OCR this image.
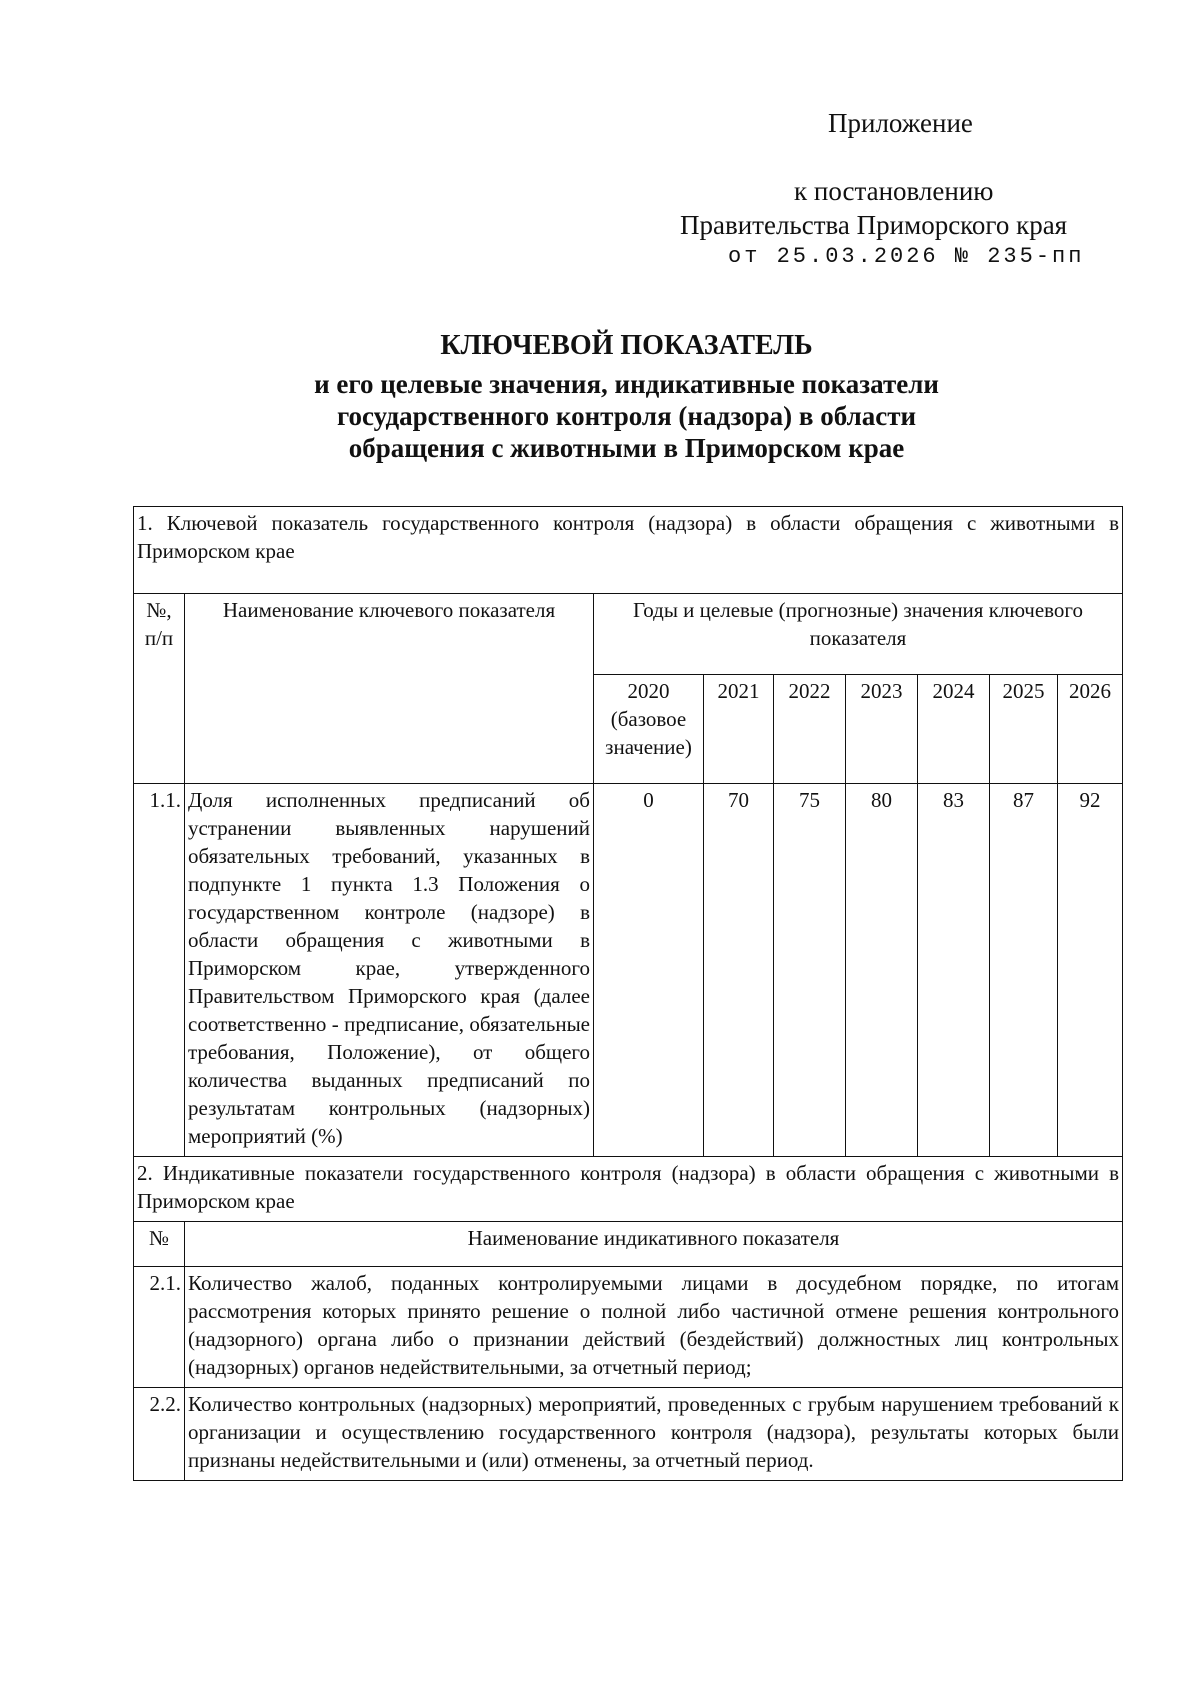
Приложение
к постановлению
Правительства Приморского края
от 25.03.2026 № 235-пп
КЛЮЧЕВОЙ ПОКАЗАТЕЛЬ
и его целевые значения, индикативные показатели
государственного контроля (надзора) в области
обращения с животными в Приморском крае
1. Ключевой показатель государственного контроля (надзора) в области обращения с животными в Приморском крае								
№, п/п	Наименование ключевого показателя	Годы и целевые (прогнозные) значения ключевого показателя						
		2020 (базовое значение)	2021	2022	2023	2024	2025	2026
1.1.	Доля исполненных предписаний об устранении выявленных нарушений обязательных требований, указанных в подпункте 1 пункта 1.3 Положения о государственном контроле (надзоре) в области обращения с животными в Приморском крае, утвержденного Правительством Приморского края (далее соответственно - предписание, обязательные требования, Положение), от общего количества выданных предписаний по результатам контрольных (надзорных) мероприятий (%)	0	70	75	80	83	87	92
2. Индикативные показатели государственного контроля (надзора) в области обращения с животными в Приморском крае								
№	Наименование индикативного показателя							
2.1.	Количество жалоб, поданных контролируемыми лицами в досудебном порядке, по итогам рассмотрения которых принято решение о полной либо частичной отмене решения контрольного (надзорного) органа либо о признании действий (бездействий) должностных лиц контрольных (надзорных) органов недействительными, за отчетный период;							
2.2.	Количество контрольных (надзорных) мероприятий, проведенных с грубым нарушением требований к организации и осуществлению государственного контроля (надзора), результаты которых были признаны недействительными и (или) отменены, за отчетный период.							
